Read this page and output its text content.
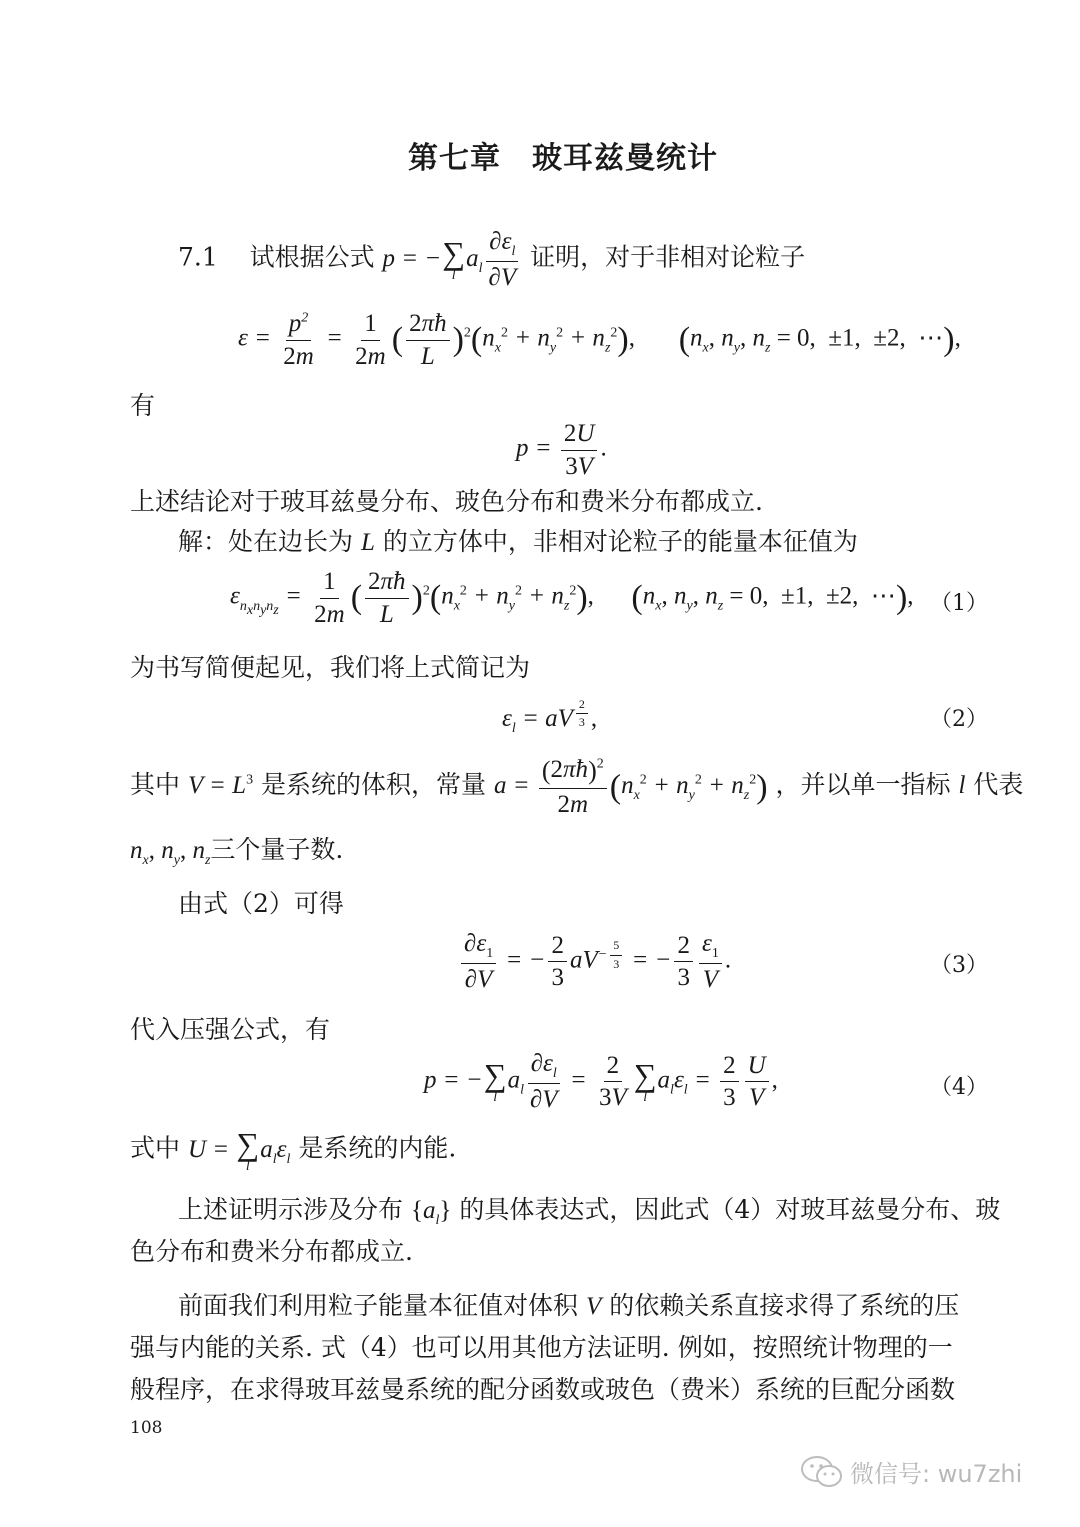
第七章　玻耳兹曼统计
7.1 试根据公式 p = − ∑
l
$a_l \frac{\partial\varepsilon_l}{\partial V}$ 证明，对于非相对论粒子
$\varepsilon = \frac{p^2}{2m} = \frac{1}{2m}$ ( $\frac{2\pi ħ}{L} )^2(n_x^2 + n_y^2 + n_z^2)$, ($n_x$, $n_y$, $n_z = 0$,  ±1,  ±2,  ⋯),
有
$p = \frac{2U}{3V}$ .
上述结论对于玻耳兹曼分布、玻色分布和费米分布都成立.
解：处在边长为 L 的立方体中，非相对论粒子的能量本征值为
$\varepsilon_{n_xn_yn_z} = \frac{1}{2m}$ ( $\frac{2\pi ħ}{L} )^2(n_x^2 + n_y^2 + n_z^2)$, ($n_x$, $n_y$, $n_z = 0$,  ±1,  ±2,  ⋯), （1）
为书写简便起见，我们将上式简记为
$\varepsilon_l$ = aV $^{\frac{2}{3}}$ ,	（2）
其中 $V = L^3$ 是系统的体积，常量 $a = \frac{(2\pi ħ)^2}{2m} (n_x^2 + n_y^2 + n_z^2)$ ，并以单一指标 l 代表
$n_x$, $n_y$, $n_z$三个量子数.
由式（2）可得
$\frac{\partial\varepsilon_1}{\partial V}$ = − $\frac{2}{3} aV^{- \frac{5}{3}}$ = − $\frac{2}{3} \frac{\varepsilon_1}{V}$ .	（3）
代入压强公式，有
p = − ∑
l
$a_l \frac{\partial\varepsilon_l}{\partial V} = \frac{2}{3V}$ ∑
l
$a_l\varepsilon_l = \frac{2}{3} \frac{U}{V}$ ,	（4）
式中 U = ∑
l
$a_l\varepsilon_l$ 是系统的内能.
上述证明示涉及分布 $\{a_l\}$ 的具体表达式，因此式（4）对玻耳兹曼分布、玻
色分布和费米分布都成立.
前面我们利用粒子能量本征值对体积 V 的依赖关系直接求得了系统的压
强与内能的关系. 式（4）也可以用其他方法证明. 例如，按照统计物理的一
般程序，在求得玻耳兹曼系统的配分函数或玻色（费米）系统的巨配分函数
108
微信号: wu7zhi
